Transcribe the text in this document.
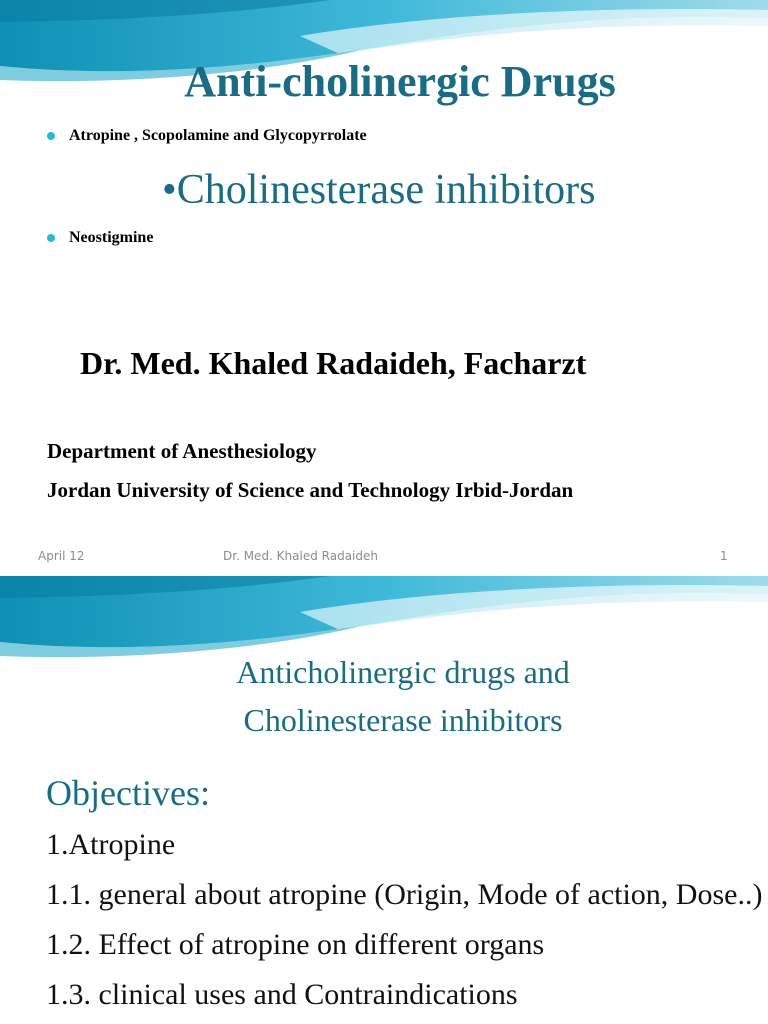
Anti-cholinergic Drugs

Atropine , Scopolamine and Glycopyrrolate

•Cholinesterase inhibitors

Neostigmine

Dr. Med. Khaled Radaideh, Facharzt

Department of Anesthesiology

Jordan University of Science and Technology Irbid-Jordan

April 12	Dr. Med. Khaled Radaideh	1
Anticholinergic drugs and
Cholinesterase inhibitors

Objectives:

1.Atropine
1.1. general about atropine (Origin, Mode of action, Dose..)
1.2. Effect of atropine on different organs
1.3. clinical uses and Contraindications
